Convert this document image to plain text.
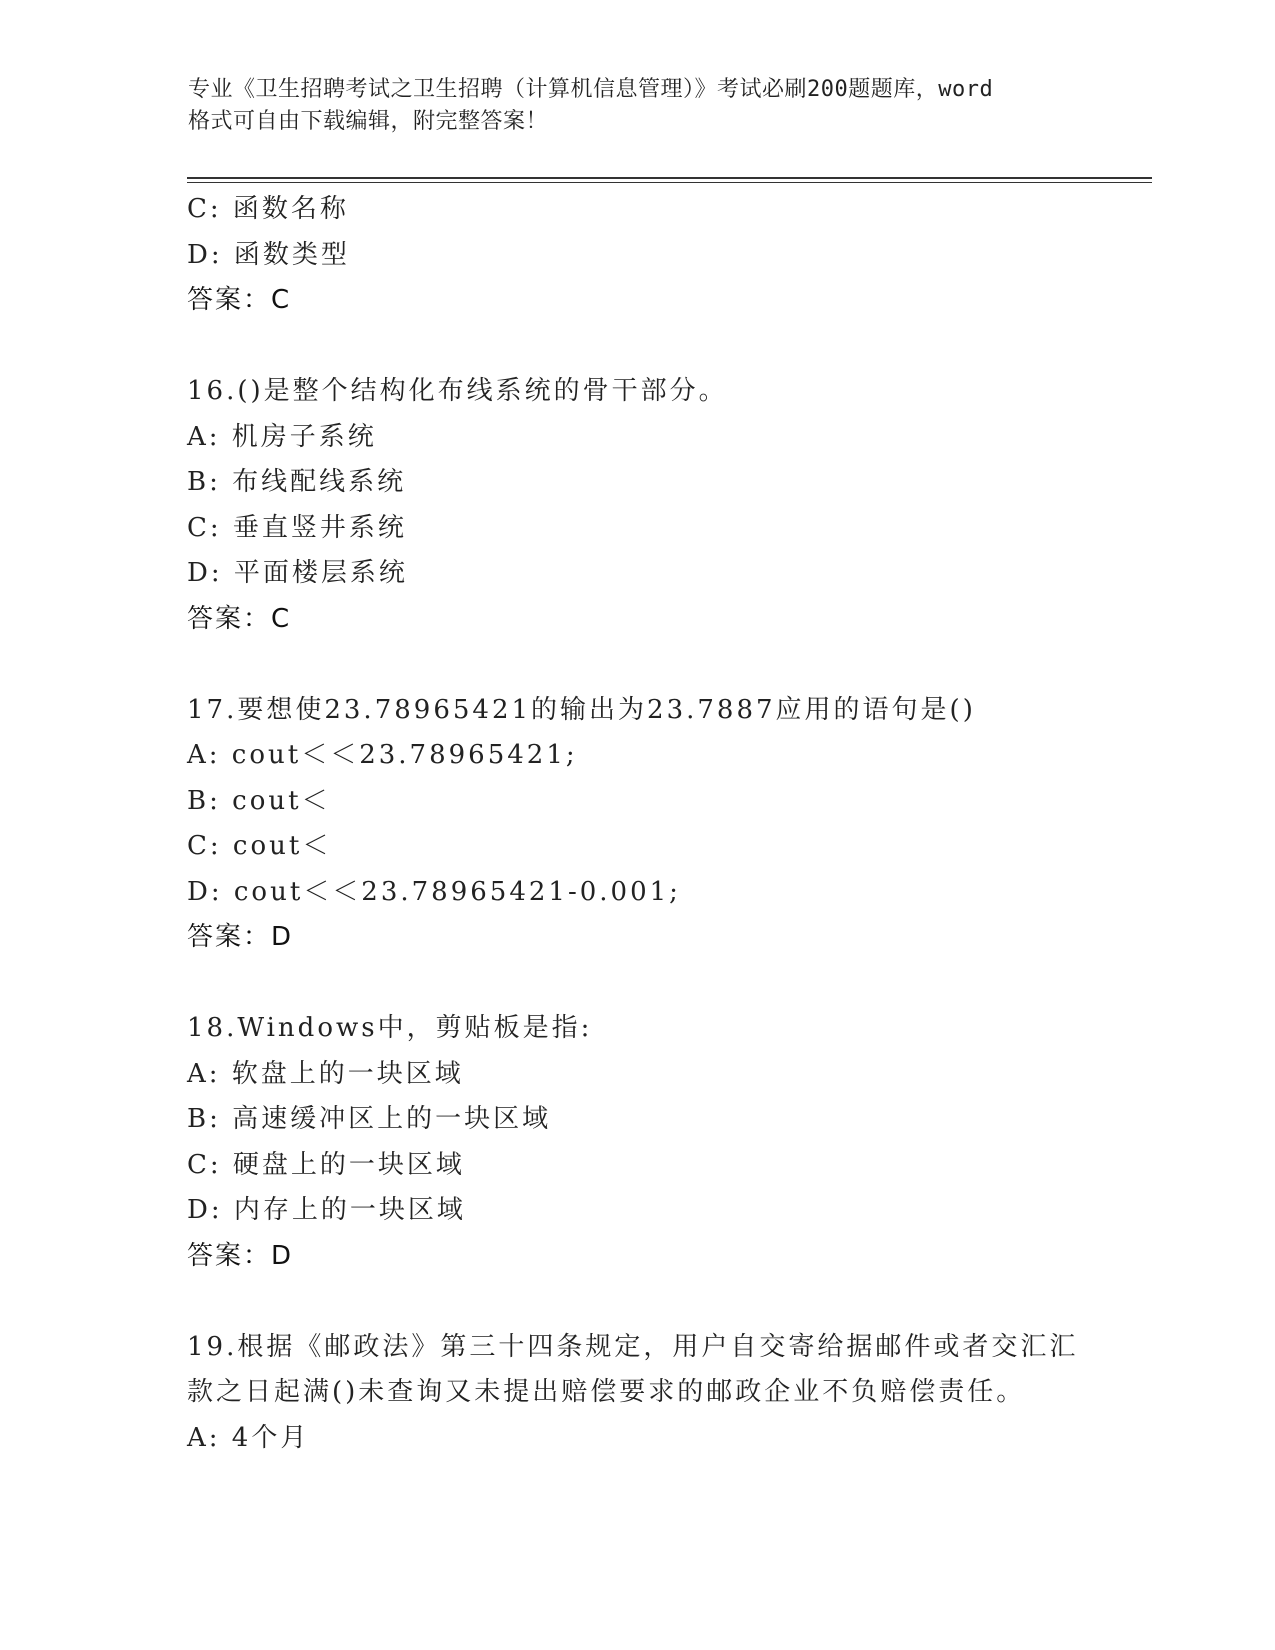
专业《卫生招聘考试之卫生招聘（计算机信息管理）》考试必刷200题题库，word
格式可自由下载编辑，附完整答案！
C: 函数名称
D: 函数类型
答案：C
16.()是整个结构化布线系统的骨干部分。
A: 机房子系统
B: 布线配线系统
C: 垂直竖井系统
D: 平面楼层系统
答案：C
17.要想使23.78965421的输出为23.7887应用的语句是()
A: cout＜＜23.78965421;
B: cout＜
C: cout＜
D: cout＜＜23.78965421-0.001;
答案：D
18.Windows中，剪贴板是指:
A: 软盘上的一块区域
B: 高速缓冲区上的一块区域
C: 硬盘上的一块区域
D: 内存上的一块区域
答案：D
19.根据《邮政法》第三十四条规定，用户自交寄给据邮件或者交汇汇
款之日起满()未查询又未提出赔偿要求的邮政企业不负赔偿责任。
A: 4个月
